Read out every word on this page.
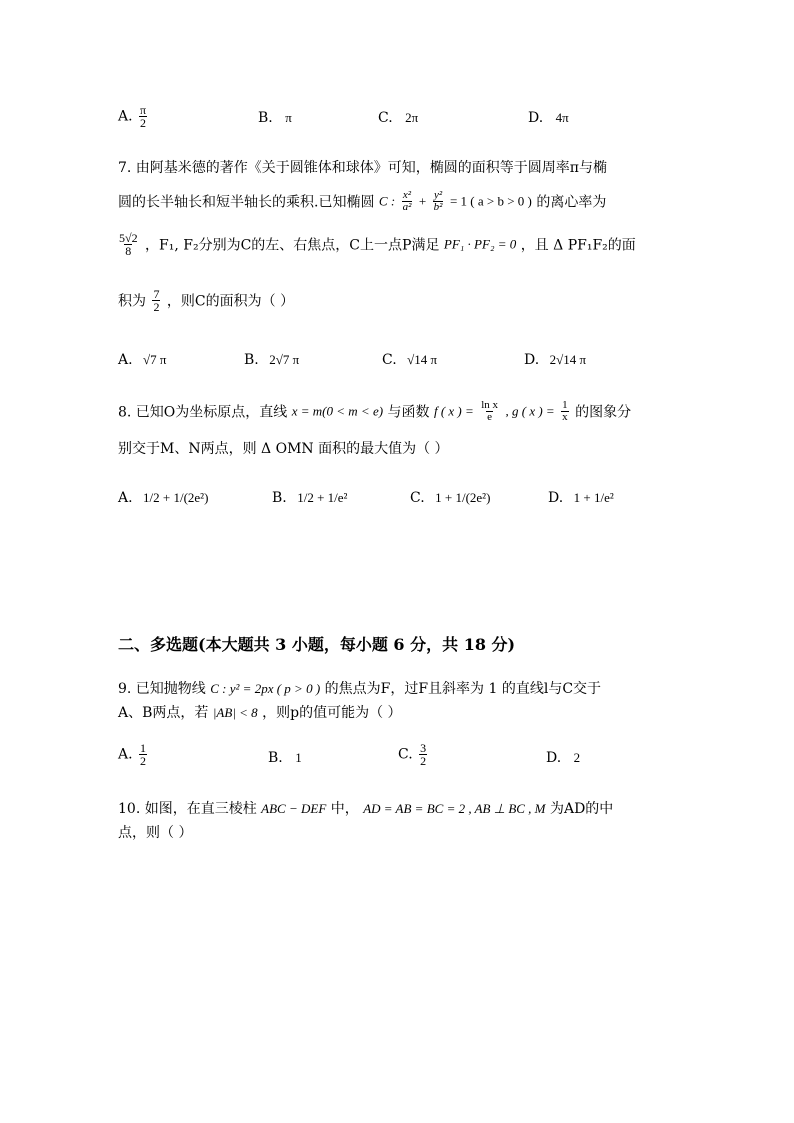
A. $\frac{\pi}{2}$	B. π	C. 2π	D. 4π
7. 由阿基米德的著作《关于圆锥体和球体》可知，椭圆的面积等于圆周率π与椭
圆的长半轴长和短半轴长的乘积.已知椭圆 C : $\frac{\text{x²}}{\text{a²}} + \frac{\text{y²}}{\text{b²}} = 1$ ( a > b > 0 ) 的离心率为
$\frac{5√2}{8}$ ，F₁, F₂分别为C的左、右焦点，C上一点P满足 PF₁ · PF₂ = 0 ，且 Δ PF₁F₂的面
积为 $\frac{7}{2}$ ，则C的面积为（ ）
A. √7 π	B. 2√7 π	C. √14 π	D. 2√14 π
8. 已知O为坐标原点，直线 x = m(0 < m < e) 与函数 f ( x ) = $\frac{\text{ln x}}{e}$ , g ( x ) = $\frac{1}{x}$ 的图象分
别交于M、N两点，则 Δ OMN 面积的最大值为（ ）
A. 1/2 + 1/(2e²)	B. 1/2 + 1/e²	C. 1 + 1/(2e²)	D. 1 + 1/e²
二、多选题(本大题共 3 小题，每小题 6 分，共 18 分)
9. 已知抛物线 C : y² = 2px ( p > 0 ) 的焦点为F，过F且斜率为 1 的直线l与C交于
A、B两点，若 |AB| < 8 ，则p的值可能为（ ）
A. $\frac{1}{2}$	B. 1	C. $\frac{3}{2}$	D. 2
10. 如图，在直三棱柱 ABC − DEF 中， AD = AB = BC = 2 , AB ⊥ BC , M 为AD的中
点，则（ ）
